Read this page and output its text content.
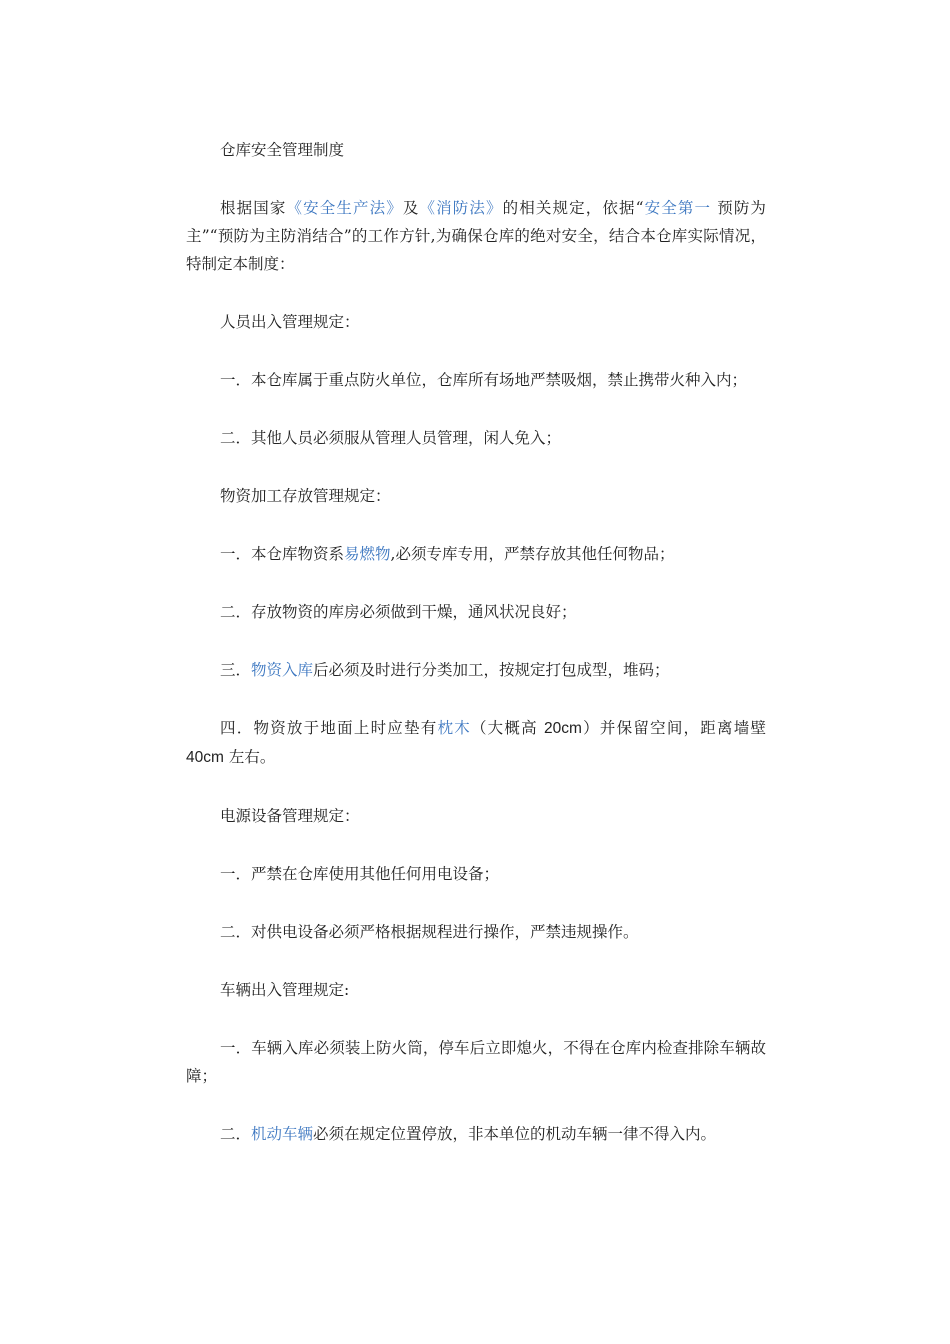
仓库安全管理制度

根据国家《安全生产法》及《消防法》的相关规定，依据“安全第一 预防为主”“预防为主防消结合”的工作方针,为确保仓库的绝对安全，结合本仓库实际情况，特制定本制度：

人员出入管理规定：

一．本仓库属于重点防火单位，仓库所有场地严禁吸烟，禁止携带火种入内；

二．其他人员必须服从管理人员管理，闲人免入；

物资加工存放管理规定：

一．本仓库物资系易燃物,必须专库专用，严禁存放其他任何物品；

二．存放物资的库房必须做到干燥，通风状况良好；

三．物资入库后必须及时进行分类加工，按规定打包成型，堆码；

四．物资放于地面上时应垫有枕木（大概高 20cm）并保留空间，距离墙壁 40cm 左右。

电源设备管理规定：

一．严禁在仓库使用其他任何用电设备；

二．对供电设备必须严格根据规程进行操作，严禁违规操作。

车辆出入管理规定:

一．车辆入库必须装上防火筒，停车后立即熄火，不得在仓库内检查排除车辆故障；

二．机动车辆必须在规定位置停放，非本单位的机动车辆一律不得入内。
